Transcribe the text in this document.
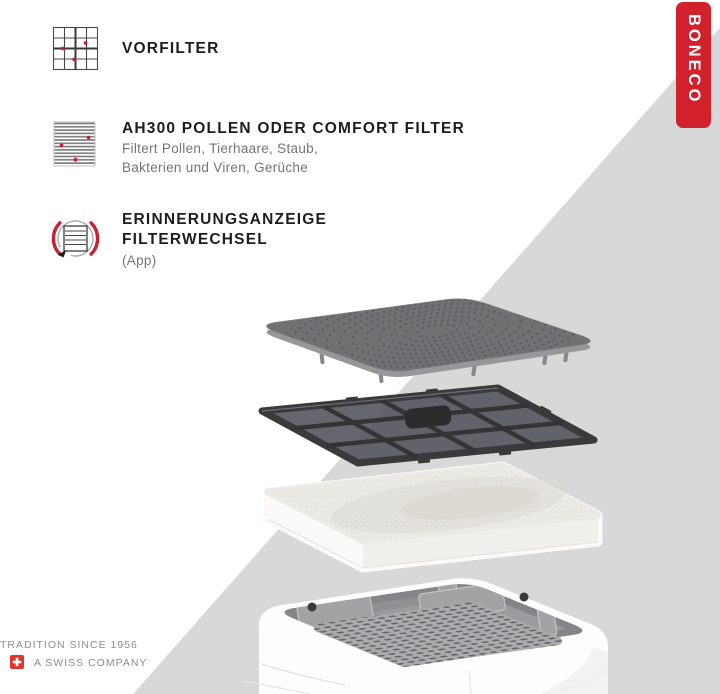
BONECO
VORFILTER
AH300 POLLEN ODER COMFORT FILTER
Filtert Pollen, Tierhaare, Staub,
Bakterien und Viren, Gerüche
ERINNERUNGSANZEIGE
FILTERWECHSEL
(App)
TRADITION SINCE 1956
A SWISS COMPANY
